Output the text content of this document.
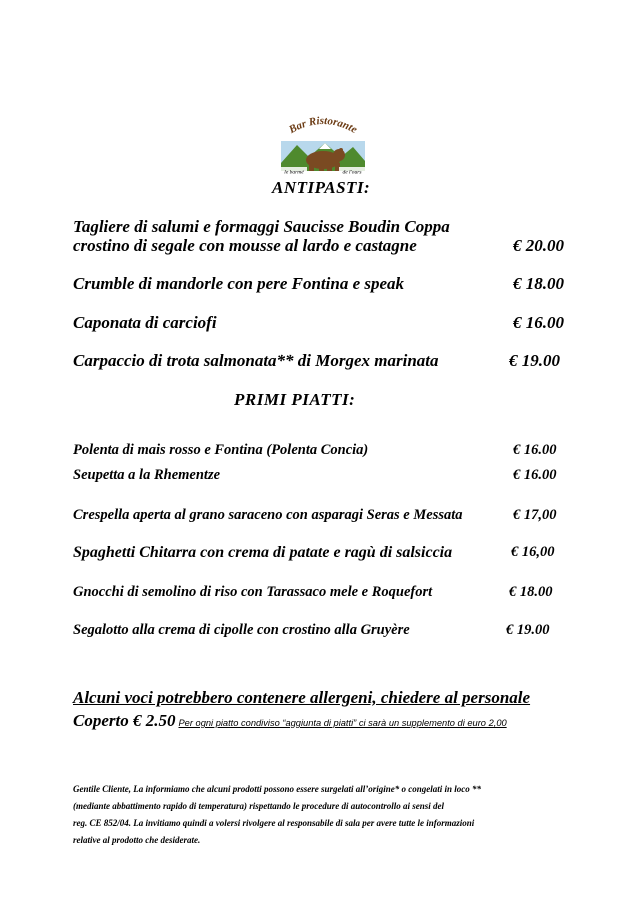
Bar Ristorante
le barmé	de l'ours
ANTIPASTI:
Tagliere di salumi e formaggi Saucisse Boudin Coppa
crostino di segale con mousse al lardo e castagne	€ 20.00
Crumble di mandorle con pere Fontina e speak	€ 18.00
Caponata di carciofi	€ 16.00
Carpaccio di trota salmonata** di Morgex marinata	€ 19.00
PRIMI PIATTI:
Polenta di mais rosso e Fontina (Polenta Concia)	€ 16.00
Seupetta a la Rhementze	€ 16.00
Crespella aperta al grano saraceno con asparagi Seras e Messata	€ 17,00
Spaghetti Chitarra con crema di patate e ragù di salsiccia	€ 16,00
Gnocchi di semolino di riso con Tarassaco mele e Roquefort	€ 18.00
Segalotto alla crema di cipolle con crostino alla Gruyère	€ 19.00
Alcuni voci potrebbero contenere allergeni, chiedere al personale
Coperto € 2.50 Per ogni piatto condiviso “aggiunta di piatti” ci sarà un supplemento di euro 2,00
Gentile Cliente, La informiamo che alcuni prodotti possono essere surgelati all’origine* o congelati in loco **
(mediante abbattimento rapido di temperatura) rispettando le procedure di autocontrollo ai sensi del
reg. CE 852/04. La invitiamo quindi a volersi rivolgere al responsabile di sala per avere tutte le informazioni
relative al prodotto che desiderate.
